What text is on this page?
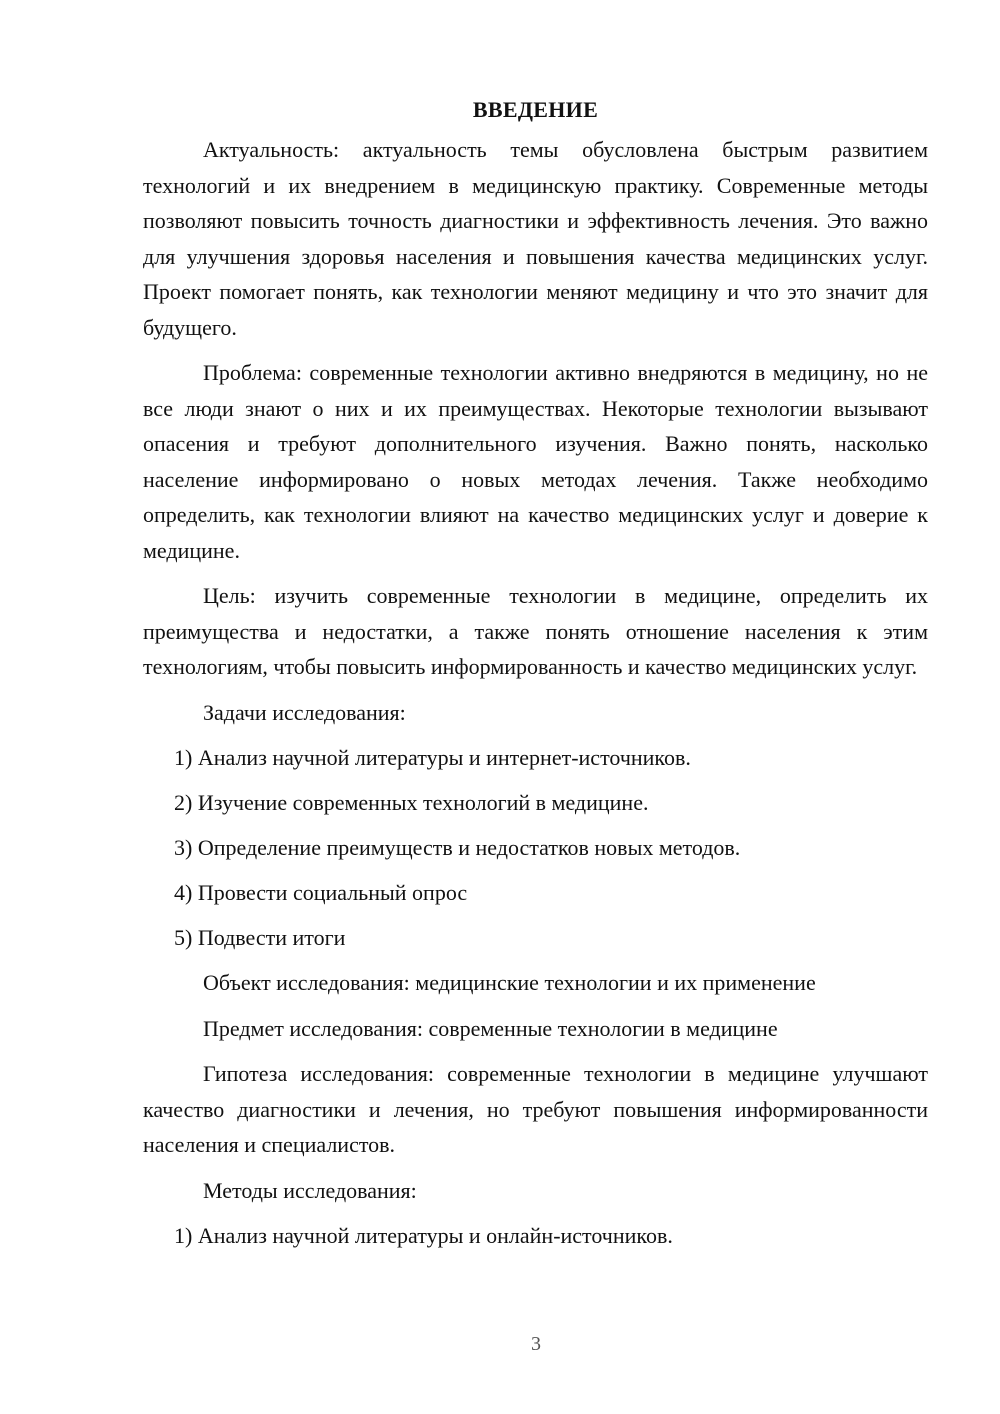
ВВЕДЕНИЕ

Актуальность: актуальность темы обусловлена быстрым развитием технологий и их внедрением в медицинскую практику. Современные методы позволяют повысить точность диагностики и эффективность лечения. Это важно для улучшения здоровья населения и повышения качества медицинских услуг. Проект помогает понять, как технологии меняют медицину и что это значит для будущего.

Проблема: современные технологии активно внедряются в медицину, но не все люди знают о них и их преимуществах. Некоторые технологии вызывают опасения и требуют дополнительного изучения. Важно понять, насколько население информировано о новых методах лечения. Также необходимо определить, как технологии влияют на качество медицинских услуг и доверие к медицине.

Цель: изучить современные технологии в медицине, определить их преимущества и недостатки, а также понять отношение населения к этим технологиям, чтобы повысить информированность и качество медицинских услуг.

Задачи исследования:
1) Анализ научной литературы и интернет-источников.
2) Изучение современных технологий в медицине.
3) Определение преимуществ и недостатков новых методов.
4) Провести социальный опрос
5) Подвести итоги
Объект исследования: медицинские технологии и их применение
Предмет исследования: современные технологии в медицине

Гипотеза исследования: современные технологии в медицине улучшают качество диагностики и лечения, но требуют повышения информированности населения и специалистов.

Методы исследования:
1) Анализ научной литературы и онлайн-источников.
3
